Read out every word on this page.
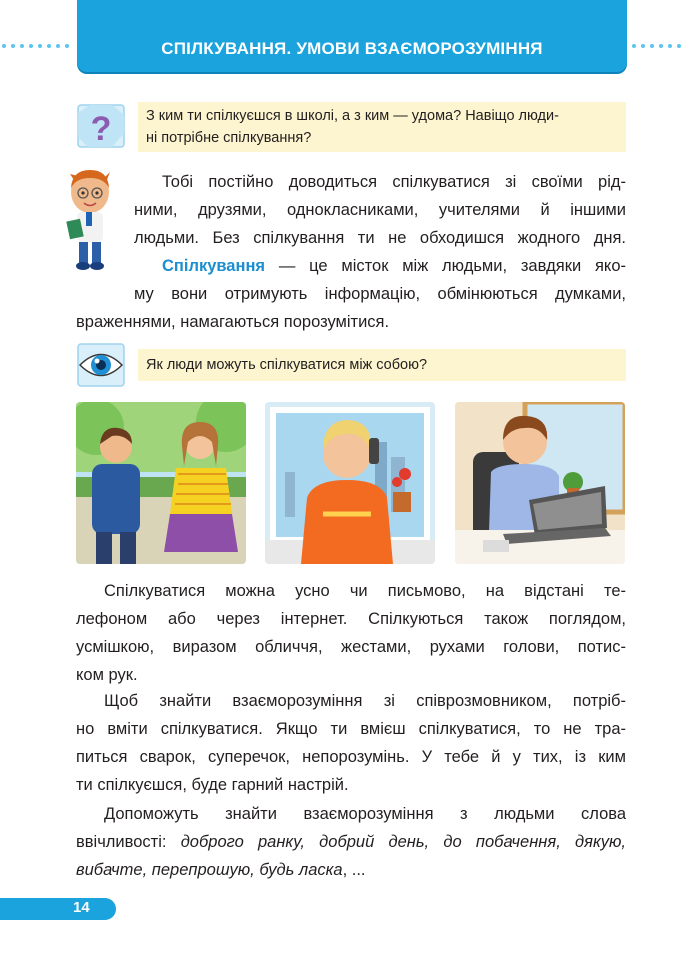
СПІЛКУВАННЯ. УМОВИ ВЗАЄМОРОЗУМІННЯ
? З ким ти спілкуєшся в школі, а з ким — удома? Навіщо люди-
ні потрібне спілкування?
Тобі постійно доводиться спілкуватися зі своїми рід-
ними, друзями, однокласниками, учителями й іншими
людьми. Без спілкування ти не обходишся жодного дня.
Спілкування — це місток між людьми, завдяки яко-
му вони отримують інформацію, обмінюються думками,
враженнями, намагаються порозумітися.
Як люди можуть спілкуватися між собою?
Спілкуватися можна усно чи письмово, на відстані те-
лефоном або через інтернет. Спілкуються також поглядом,
усмішкою, виразом обличчя, жестами, рухами голови, потис-
ком рук.
Щоб знайти взаєморозуміння зі співрозмовником, потріб-
но вміти спілкуватися. Якщо ти вмієш спілкуватися, то не тра-
питься сварок, суперечок, непорозумінь. У тебе й у тих, із ким
ти спілкуєшся, буде гарний настрій.
Допоможуть знайти взаєморозуміння з людьми слова
ввічливості: доброго ранку, добрий день, до побачення, дякую,
вибачте, перепрошую, будь ласка, ...
14
